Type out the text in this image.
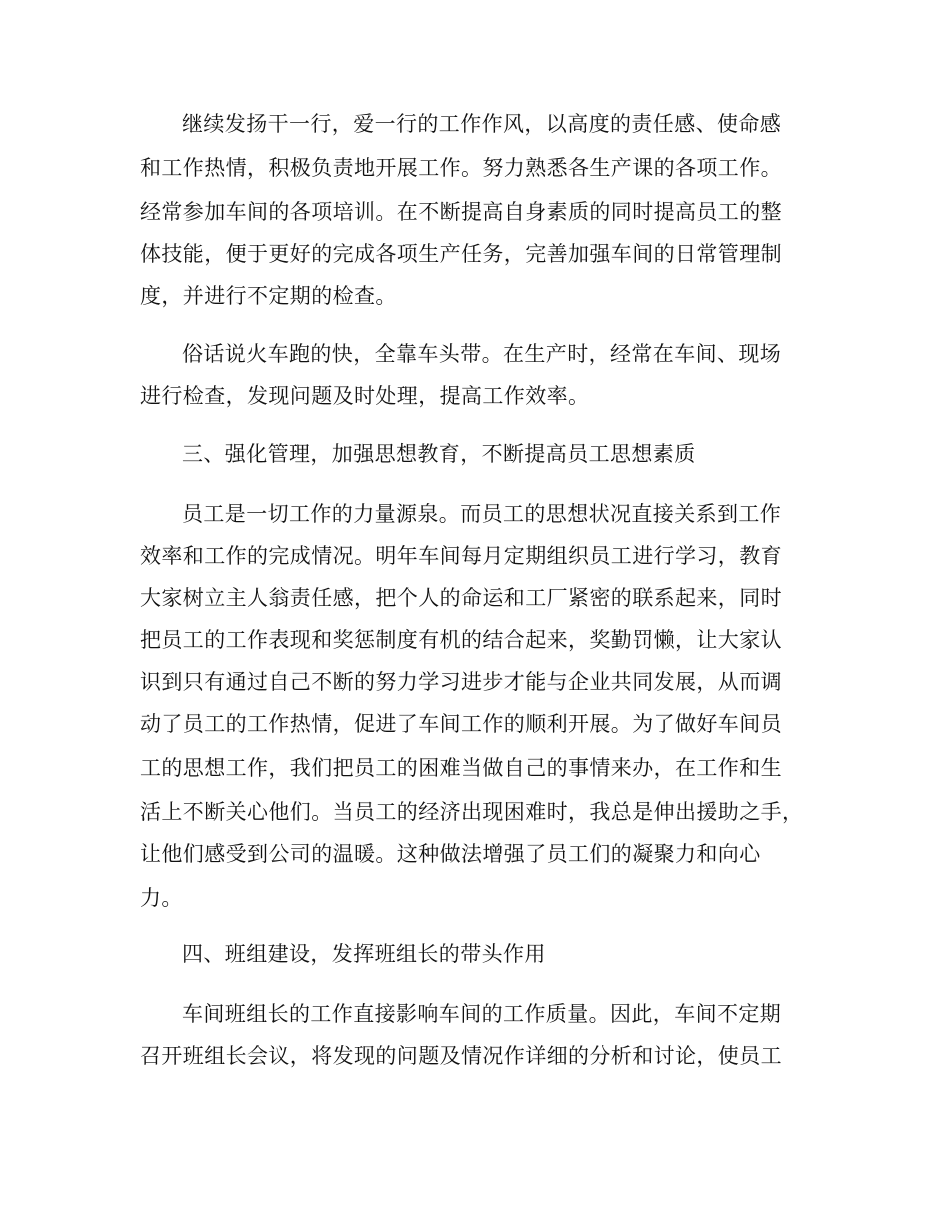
继续发扬干一行，爱一行的工作作风，以高度的责任感、使命感
和工作热情，积极负责地开展工作。努力熟悉各生产课的各项工作。
经常参加车间的各项培训。在不断提高自身素质的同时提高员工的整
体技能，便于更好的完成各项生产任务，完善加强车间的日常管理制
度，并进行不定期的检查。
俗话说火车跑的快，全靠车头带。在生产时，经常在车间、现场
进行检查，发现问题及时处理，提高工作效率。
三、强化管理，加强思想教育，不断提高员工思想素质
员工是一切工作的力量源泉。而员工的思想状况直接关系到工作
效率和工作的完成情况。明年车间每月定期组织员工进行学习，教育
大家树立主人翁责任感，把个人的命运和工厂紧密的联系起来，同时
把员工的工作表现和奖惩制度有机的结合起来，奖勤罚懒，让大家认
识到只有通过自己不断的努力学习进步才能与企业共同发展，从而调
动了员工的工作热情，促进了车间工作的顺利开展。为了做好车间员
工的思想工作，我们把员工的困难当做自己的事情来办，在工作和生
活上不断关心他们。当员工的经济出现困难时，我总是伸出援助之手，
让他们感受到公司的温暖。这种做法增强了员工们的凝聚力和向心
力。
四、班组建设，发挥班组长的带头作用
车间班组长的工作直接影响车间的工作质量。因此，车间不定期
召开班组长会议，将发现的问题及情况作详细的分析和讨论，使员工
